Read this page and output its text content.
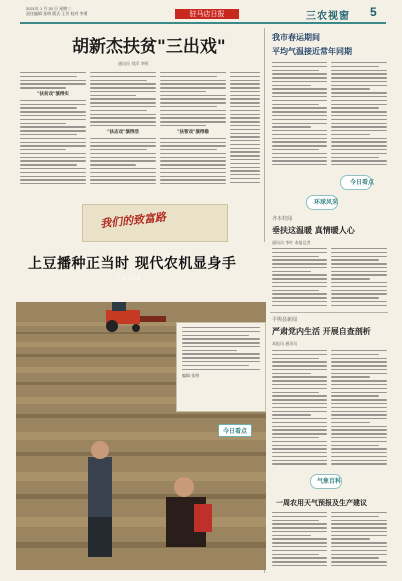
2021年 1 月 20 日 星期三
责任编辑 张明 版式 王芳 校对 李勇	驻马店日报	三农视窗 5
胡新杰扶贫"三出戏"
通讯员 刘洋 李明
"扶贫戏"演得实
"扶志戏"演得活	"扶智戏"演得稳
我们的致富路
上豆播种正当时 现代农机显身手
记者 刘洋 摄
编辑 张明
今日看点
我市春运期间
平均气温接近常年同期
今日看点
环球风采
齐木村闻
垂扶这温暖 真情暖人心
通讯员 李红 本报记者
平舆县新闻
严肃党内生活 开展自查剖析
本报讯 通讯员
气象百科
一周农用天气预报及生产建议
